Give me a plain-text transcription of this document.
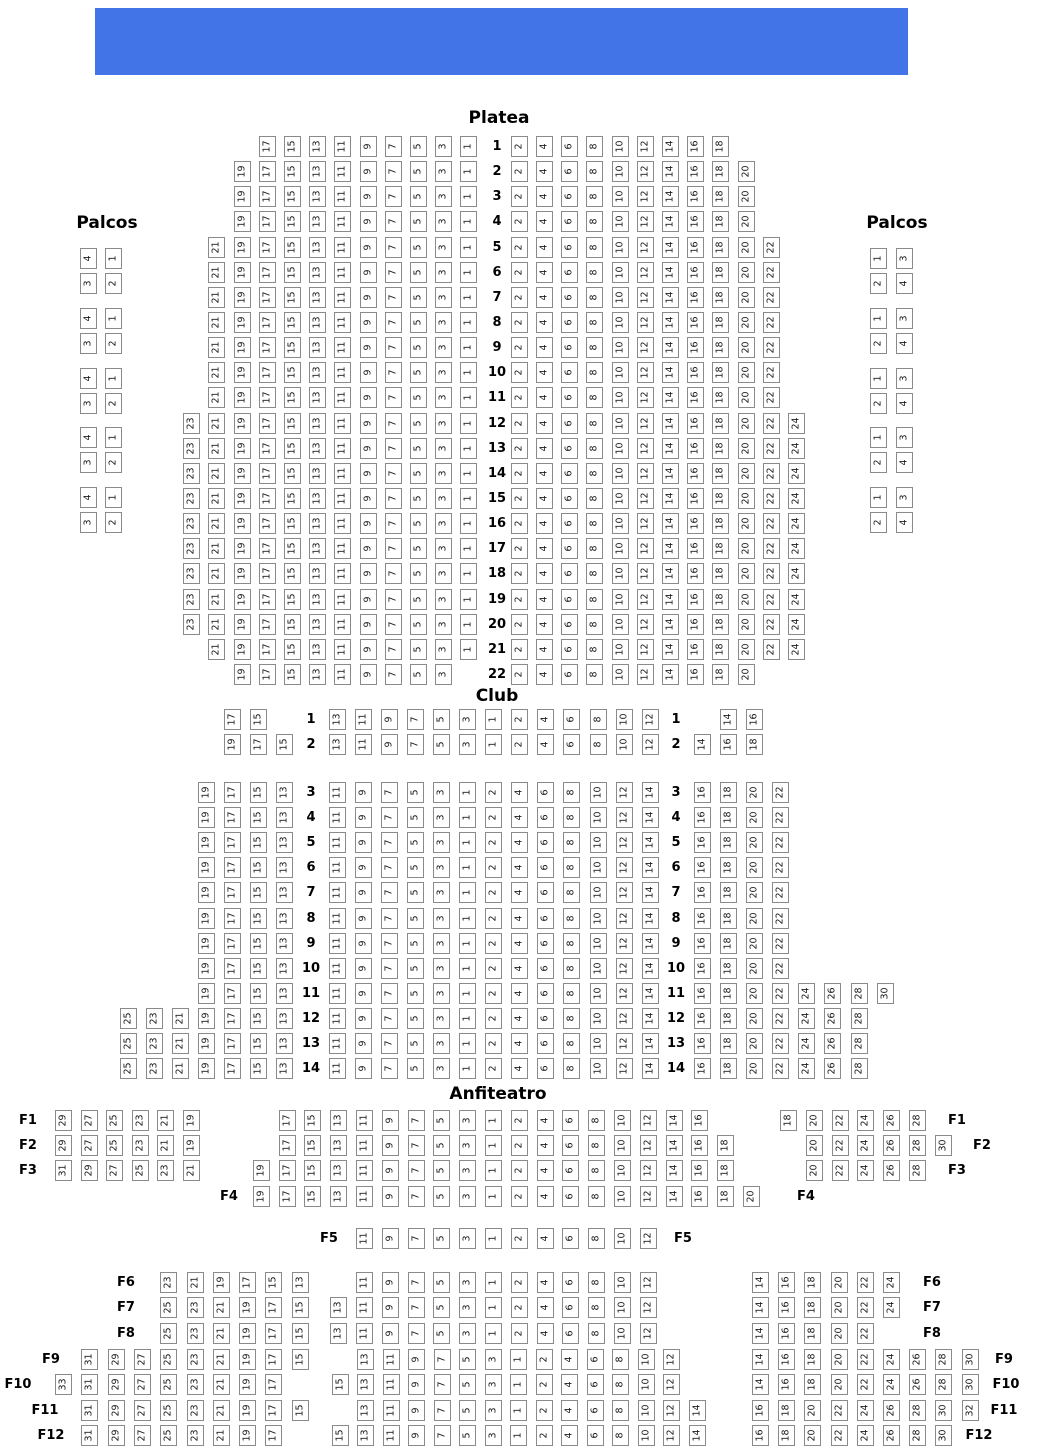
Platea
Palcos	Palcos
Club
Anfiteatro
1
17 15 13 11 9 7 5 3 1	2 4 6 8 10 12 14 16 18
2
19 17 15 13 11 9 7 5 3 1	2 4 6 8 10 12 14 16 18 20
3
19 17 15 13 11 9 7 5 3 1	2 4 6 8 10 12 14 16 18 20
4
19 17 15 13 11 9 7 5 3 1	2 4 6 8 10 12 14 16 18 20
5
21 19 17 15 13 11 9 7 5 3 1	2 4 6 8 10 12 14 16 18 20 22
6
21 19 17 15 13 11 9 7 5 3 1	2 4 6 8 10 12 14 16 18 20 22
7
21 19 17 15 13 11 9 7 5 3 1	2 4 6 8 10 12 14 16 18 20 22
8
21 19 17 15 13 11 9 7 5 3 1	2 4 6 8 10 12 14 16 18 20 22
9
21 19 17 15 13 11 9 7 5 3 1	2 4 6 8 10 12 14 16 18 20 22
10
21 19 17 15 13 11 9 7 5 3 1	2 4 6 8 10 12 14 16 18 20 22
11
21 19 17 15 13 11 9 7 5 3 1	2 4 6 8 10 12 14 16 18 20 22
12
23 21 19 17 15 13 11 9 7 5 3 1	2 4 6 8 10 12 14 16 18 20 22 24
13
23 21 19 17 15 13 11 9 7 5 3 1	2 4 6 8 10 12 14 16 18 20 22 24
14
23 21 19 17 15 13 11 9 7 5 3 1	2 4 6 8 10 12 14 16 18 20 22 24
15
23 21 19 17 15 13 11 9 7 5 3 1	2 4 6 8 10 12 14 16 18 20 22 24
16
23 21 19 17 15 13 11 9 7 5 3 1	2 4 6 8 10 12 14 16 18 20 22 24
17
23 21 19 17 15 13 11 9 7 5 3 1	2 4 6 8 10 12 14 16 18 20 22 24
18
23 21 19 17 15 13 11 9 7 5 3 1	2 4 6 8 10 12 14 16 18 20 22 24
19
23 21 19 17 15 13 11 9 7 5 3 1	2 4 6 8 10 12 14 16 18 20 22 24
20
23 21 19 17 15 13 11 9 7 5 3 1	2 4 6 8 10 12 14 16 18 20 22 24
21
21 19 17 15 13 11 9 7 5 3 1	2 4 6 8 10 12 14 16 18 20 22 24
22
19 17 15 13 11 9 7 5 3	2 4 6 8 10 12 14 16 18 20
4 1
3 2
4 1
3 2
4 1
3 2
4 1
3 2
4 1
3 2
1 3
2 4
1 3
2 4
1 3
2 4
1 3
2 4
1 3
2 4
1	1
17 15	13 11 9 7 5 3 1 2 4 6 8 10 12	14 16
2	2
19 17 15	13 11 9 7 5 3 1 2 4 6 8 10 12	14 16 18
3	3
19 17 15 13	11 9 7 5 3 1 2 4 6 8 10 12 14	16 18 20 22
4	4
19 17 15 13	11 9 7 5 3 1 2 4 6 8 10 12 14	16 18 20 22
5	5
19 17 15 13	11 9 7 5 3 1 2 4 6 8 10 12 14	16 18 20 22
6	6
19 17 15 13	11 9 7 5 3 1 2 4 6 8 10 12 14	16 18 20 22
7	7
19 17 15 13	11 9 7 5 3 1 2 4 6 8 10 12 14	16 18 20 22
8	8
19 17 15 13	11 9 7 5 3 1 2 4 6 8 10 12 14	16 18 20 22
9	9
19 17 15 13	11 9 7 5 3 1 2 4 6 8 10 12 14	16 18 20 22
10	10
19 17 15 13	11 9 7 5 3 1 2 4 6 8 10 12 14	16 18 20 22
11	11
19 17 15 13	11 9 7 5 3 1 2 4 6 8 10 12 14	16 18 20 22 24 26 28 30
12	12
25 23 21 19 17 15 13	11 9 7 5 3 1 2 4 6 8 10 12 14	16 18 20 22 24 26 28
13	13
25 23 21 19 17 15 13	11 9 7 5 3 1 2 4 6 8 10 12 14	16 18 20 22 24 26 28
14	14
25 23 21 19 17 15 13	11 9 7 5 3 1 2 4 6 8 10 12 14	16 18 20 22 24 26 28
F1	F1
29 27 25 23 21 19	17 15 13 11 9 7 5 3 1 2 4 6 8 10 12 14 16	18 20 22 24 26 28
F2	F2
29 27 25 23 21 19	17 15 13 11 9 7 5 3 1 2 4 6 8 10 12 14 16 18	20 22 24 26 28 30
F3	F3
31 29 27 25 23 21	19 17 15 13 11 9 7 5 3 1 2 4 6 8 10 12 14 16 18	20 22 24 26 28
F4	F4
19 17 15 13 11 9 7 5 3 1 2 4 6 8 10 12 14 16 18 20
F5	F5
11 9 7 5 3 1 2 4 6 8 10 12
F6	F6
23 21 19 17 15 13	11 9 7 5 3 1 2 4 6 8 10 12	14 16 18 20 22 24
F7	F7
25 23 21 19 17 15	13 11 9 7 5 3 1 2 4 6 8 10 12	14 16 18 20 22 24
F8	F8
25 23 21 19 17 15	13 11 9 7 5 3 1 2 4 6 8 10 12	14 16 18 20 22
F9	F9
31 29 27 25 23 21 19 17 15	13 11 9 7 5 3 1 2 4 6 8 10 12	14 16 18 20 22 24 26 28 30
F10	F10
33 31 29 27 25 23 21 19 17	15 13 11 9 7 5 3 1 2 4 6 8 10 12	14 16 18 20 22 24 26 28 30
F11	F11
31 29 27 25 23 21 19 17 15	13 11 9 7 5 3 1 2 4 6 8 10 12 14	16 18 20 22 24 26 28 30 32
F12	F12
31 29 27 25 23 21 19 17	15 13 11 9 7 5 3 1 2 4 6 8 10 12 14	16 18 20 22 24 26 28 30
